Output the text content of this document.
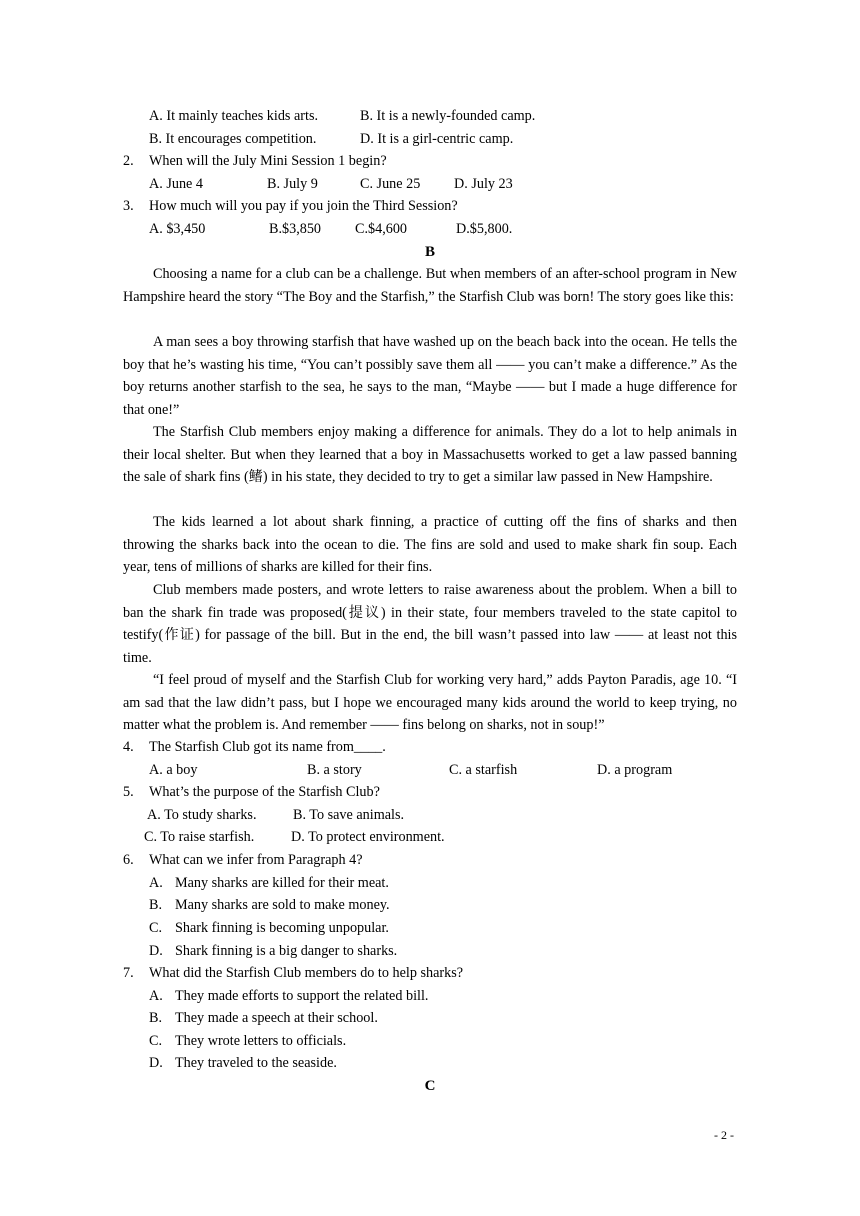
A. It mainly teaches kids arts.	B. It is a newly-founded camp.
B. It encourages competition.	D. It is a girl-centric camp.
2. When will the July Mini Session 1 begin?
A. June 4	B. July 9	C. June 25 D. July 23
3. How much will you pay if you join the Third Session?
A. $3,450	B.$3,850 C.$4,600	D.$5,800.
B
Choosing a name for a club can be a challenge. But when members of an after-school program in New Hampshire heard the story “The Boy and the Starfish,” the Starfish Club was born! The story goes like this:
A man sees a boy throwing starfish that have washed up on the beach back into the ocean. He tells the boy that he’s wasting his time, “You can’t possibly save them all —— you can’t make a difference.” As the boy returns another starfish to the sea, he says to the man, “Maybe —— but I made a huge difference for that one!”
The Starfish Club members enjoy making a difference for animals. They do a lot to help animals in their local shelter. But when they learned that a boy in Massachusetts worked to get a law passed banning the sale of shark fins (鳍) in his state, they decided to try to get a similar law passed in New Hampshire.
The kids learned a lot about shark finning, a practice of cutting off the fins of sharks and then throwing the sharks back into the ocean to die. The fins are sold and used to make shark fin soup. Each year, tens of millions of sharks are killed for their fins.
Club members made posters, and wrote letters to raise awareness about the problem. When a bill to ban the shark fin trade was proposed(提议) in their state, four members traveled to the state capitol to testify(作证) for passage of the bill. But in the end, the bill wasn’t passed into law —— at least not this time.
“I feel proud of myself and the Starfish Club for working very hard,” adds Payton Paradis, age 10. “I am sad that the law didn’t pass, but I hope we encouraged many kids around the world to keep trying, no matter what the problem is. And remember —— fins belong on sharks, not in soup!”
4. The Starfish Club got its name from____.
A. a boy	B. a story	C. a starfish	D. a program
5. What’s the purpose of the Starfish Club?
A. To study sharks.	B. To save animals.
C. To raise starfish.	D. To protect environment.
6. What can we infer from Paragraph 4?
A. Many sharks are killed for their meat.
B. Many sharks are sold to make money.
C. Shark finning is becoming unpopular.
D. Shark finning is a big danger to sharks.
7. What did the Starfish Club members do to help sharks?
A. They made efforts to support the related bill.
B. They made a speech at their school.
C. They wrote letters to officials.
D. They traveled to the seaside.
C
- 2 -
